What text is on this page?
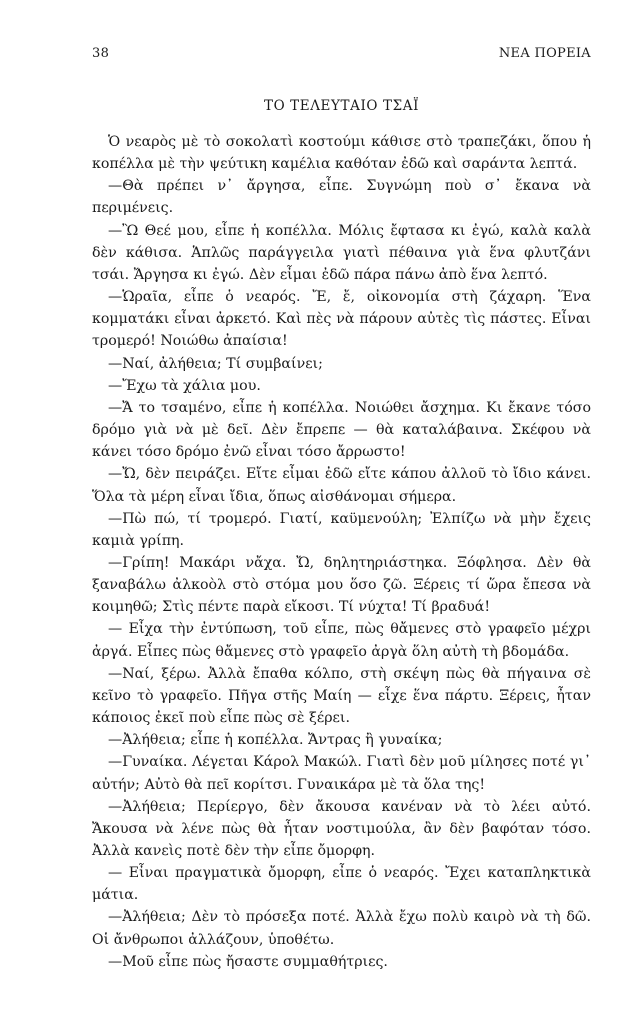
38	ΝΕΑ ΠΟΡΕΙΑ
ΤΟ ΤΕΛΕΥΤΑΙΟ ΤΣΑΪ

Ὁ νεαρὸς μὲ τὸ σοκολατὶ κοστούμι κάθισε στὸ τραπεζάκι, ὅπου ἡ κοπέλλα μὲ τὴν ψεύτικη καμέλια καθόταν ἐδῶ καὶ σαράντα λεπτά.

—Θὰ πρέπει ν᾽ ἄργησα, εἶπε. Συγνώμη ποὺ σ᾽ ἔκανα νὰ περιμένεις.

—Ὢ Θεέ μου, εἶπε ἡ κοπέλλα. Μόλις ἔφτασα κι ἐγώ, καλὰ καλὰ δὲν κάθισα. Ἁπλῶς παράγγειλα γιατὶ πέθαινα γιὰ ἕνα φλυτζάνι τσάι. Ἄργησα κι ἐγώ. Δὲν εἶμαι ἐδῶ πάρα πάνω ἀπὸ ἕνα λεπτό.

—Ὡραῖα, εἶπε ὁ νεαρός. Ἔ, ἔ, οἰκονομία στὴ ζάχαρη. Ἕνα κομματάκι εἶναι ἀρκετό. Καὶ πὲς νὰ πάρουν αὐτὲς τὶς πάστες. Εἶναι τρομερό! Νοιώθω ἀπαίσια!

—Ναί, ἀλήθεια; Τί συμβαίνει;

—Ἔχω τὰ χάλια μου.

—Ἄ το τσαμένο, εἶπε ἡ κοπέλλα. Νοιώθει ἄσχημα. Κι ἔκανε τόσο δρόμο γιὰ νὰ μὲ δεῖ. Δὲν ἔπρεπε — θὰ καταλάβαινα. Σκέφου νὰ κάνει τόσο δρόμο ἐνῶ εἶναι τόσο ἄρρωστο!

—Ὤ, δὲν πειράζει. Εἴτε εἶμαι ἐδῶ εἴτε κάπου ἀλλοῦ τὸ ἴδιο κάνει. Ὅλα τὰ μέρη εἶναι ἴδια, ὅπως αἰσθάνομαι σήμερα.

—Πὼ πώ, τί τρομερό. Γιατί, καϋμενούλη; Ἐλπίζω νὰ μὴν ἔχεις καμιὰ γρίπη.

—Γρίπη! Μακάρι νἄχα. Ὤ, δηλητηριάστηκα. Ξόφλησα. Δὲν θὰ ξαναβάλω ἀλκοὸλ στὸ στόμα μου ὅσο ζῶ. Ξέρεις τί ὥρα ἔπεσα νὰ κοιμηθῶ; Στὶς πέντε παρὰ εἴκοσι. Τί νύχτα! Τί βραδυά!

— Εἶχα τὴν ἐντύπωση, τοῦ εἶπε, πὼς θἄμενες στὸ γραφεῖο μέχρι ἀργά. Εἶπες πὼς θἄμενες στὸ γραφεῖο ἀργὰ ὅλη αὐτὴ τὴ βδομάδα.

—Ναί, ξέρω. Ἀλλὰ ἔπαθα κόλπο, στὴ σκέψη πὼς θὰ πήγαινα σὲ κεῖνο τὸ γραφεῖο. Πῆγα στῆς Μαίη — εἶχε ἕνα πάρτυ. Ξέρεις, ἦταν κάποιος ἐκεῖ ποὺ εἶπε πὼς σὲ ξέρει.

—Ἀλήθεια; εἶπε ἡ κοπέλλα. Ἄντρας ἢ γυναίκα;

—Γυναίκα. Λέγεται Κάρολ Μακώλ. Γιατὶ δὲν μοῦ μίλησες ποτέ γι᾽ αὐτήν; Αὐτὸ θὰ πεῖ κορίτσι. Γυναικάρα μὲ τὰ ὅλα της!

—Ἀλήθεια; Περίεργο, δὲν ἄκουσα κανέναν νὰ τὸ λέει αὐτό. Ἄκουσα νὰ λένε πὼς θὰ ἦταν νοστιμούλα, ἂν δὲν βαφόταν τόσο. Ἀλλὰ κανεὶς ποτὲ δὲν τὴν εἶπε ὄμορφη.

— Εἶναι πραγματικὰ ὄμορφη, εἶπε ὁ νεαρός. Ἔχει καταπληκτικὰ μάτια.

—Ἀλήθεια; Δὲν τὸ πρόσεξα ποτέ. Ἀλλὰ ἔχω πολὺ καιρὸ νὰ τὴ δῶ. Οἱ ἄνθρωποι ἀλλάζουν, ὑποθέτω.

—Μοῦ εἶπε πὼς ἤσαστε συμμαθήτριες.
